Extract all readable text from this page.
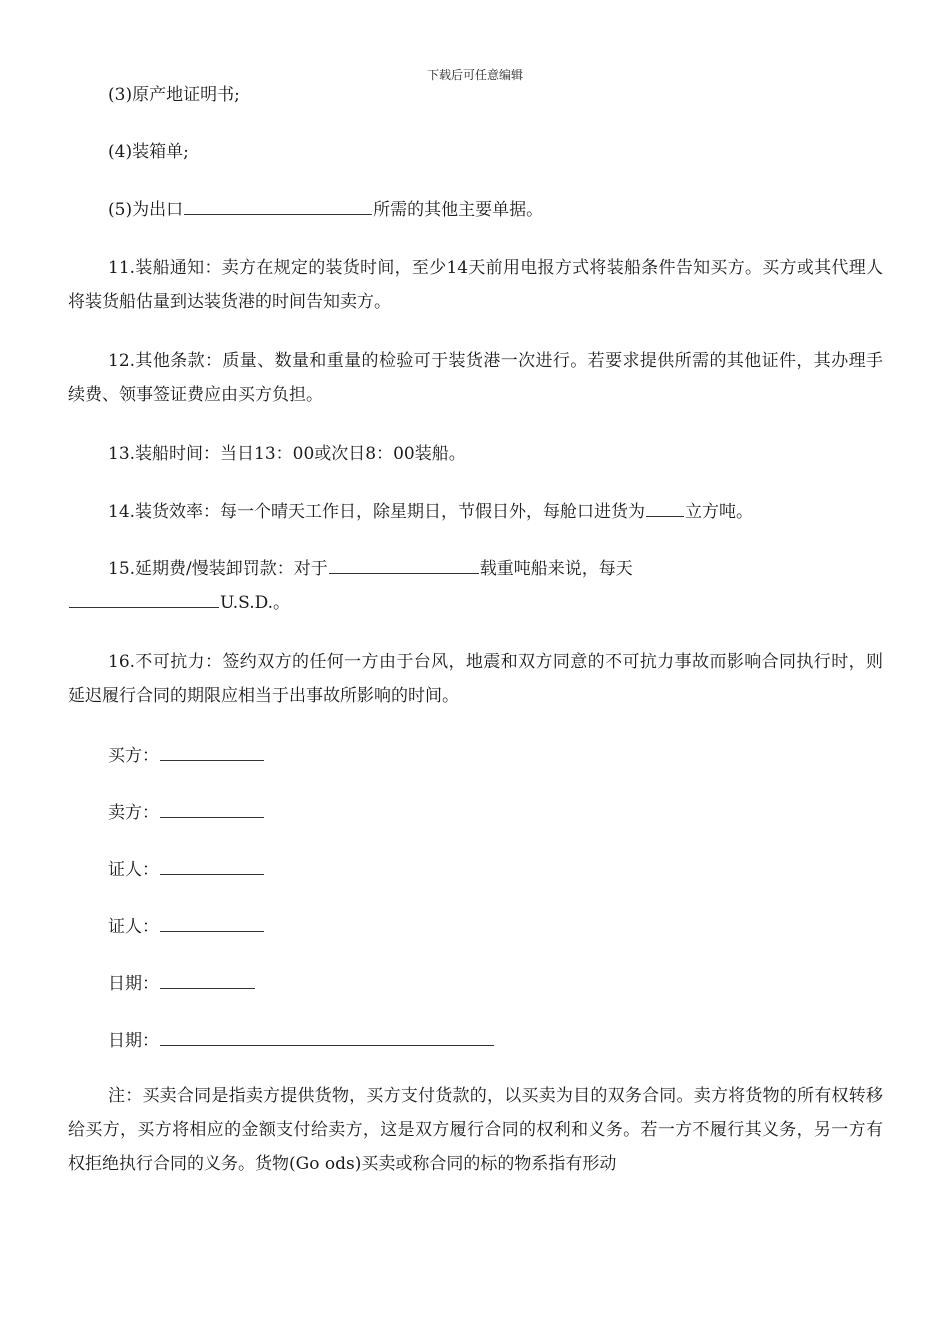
下载后可任意编辑

(3)原产地证明书;

(4)装箱单;

(5)为出口	所需的其他主要单据。

11.装船通知：卖方在规定的装货时间，至少14天前用电报方式将装船条件告知买方。买方或其代理人将装货船估量到达装货港的时间告知卖方。

12.其他条款：质量、数量和重量的检验可于装货港一次进行。若要求提供所需的其他证件，其办理手续费、领事签证费应由买方负担。

13.装船时间：当日13：00或次日8：00装船。

14.装货效率：每一个晴天工作日，除星期日，节假日外，每舱口进货为 立方吨。

15.延期费/慢装卸罚款：对于	载重吨船来说，每天

U.S.D.。

16.不可抗力：签约双方的任何一方由于台风，地震和双方同意的不可抗力事故而影响合同执行时，则延迟履行合同的期限应相当于出事故所影响的时间。

买方：

卖方：

证人：

证人：

日期：

日期：

注：买卖合同是指卖方提供货物，买方支付货款的，以买卖为目的双务合同。卖方将货物的所有权转移给买方，买方将相应的金额支付给卖方，这是双方履行合同的权利和义务。若一方不履行其义务，另一方有权拒绝执行合同的义务。货物(Go ods)买卖或称合同的标的物系指有形动
